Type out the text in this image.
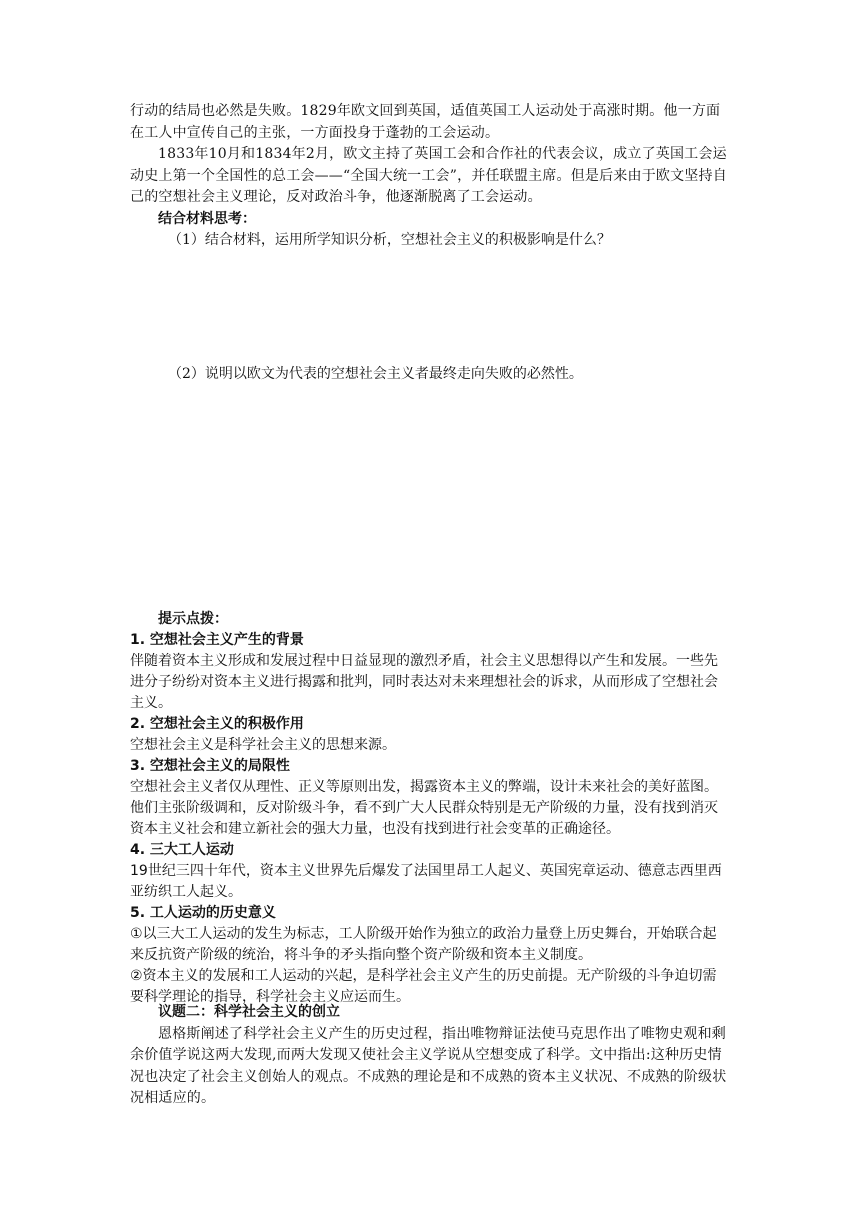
行动的结局也必然是失败。1829年欧文回到英国，适值英国工人运动处于高涨时期。他一方面在工人中宣传自己的主张，一方面投身于蓬勃的工会运动。

1833年10月和1834年2月，欧文主持了英国工会和合作社的代表会议，成立了英国工会运动史上第一个全国性的总工会——“全国大统一工会”，并任联盟主席。但是后来由于欧文坚持自己的空想社会主义理论，反对政治斗争，他逐渐脱离了工会运动。

结合材料思考：

（1）结合材料，运用所学知识分析，空想社会主义的积极影响是什么？

（2）说明以欧文为代表的空想社会主义者最终走向失败的必然性。

提示点拨：

1. 空想社会主义产生的背景

伴随着资本主义形成和发展过程中日益显现的激烈矛盾，社会主义思想得以产生和发展。一些先进分子纷纷对资本主义进行揭露和批判，同时表达对未来理想社会的诉求，从而形成了空想社会主义。

2. 空想社会主义的积极作用

空想社会主义是科学社会主义的思想来源。

3. 空想社会主义的局限性

空想社会主义者仅从理性、正义等原则出发，揭露资本主义的弊端，设计未来社会的美好蓝图。他们主张阶级调和，反对阶级斗争，看不到广大人民群众特别是无产阶级的力量，没有找到消灭资本主义社会和建立新社会的强大力量，也没有找到进行社会变革的正确途径。

4. 三大工人运动

19世纪三四十年代，资本主义世界先后爆发了法国里昂工人起义、英国宪章运动、德意志西里西亚纺织工人起义。

5. 工人运动的历史意义

①以三大工人运动的发生为标志，工人阶级开始作为独立的政治力量登上历史舞台，开始联合起来反抗资产阶级的统治，将斗争的矛头指向整个资产阶级和资本主义制度。

②资本主义的发展和工人运动的兴起，是科学社会主义产生的历史前提。无产阶级的斗争迫切需要科学理论的指导，科学社会主义应运而生。

议题二：科学社会主义的创立

恩格斯阐述了科学社会主义产生的历史过程，指出唯物辩证法使马克思作出了唯物史观和剩余价值学说这两大发现,而两大发现又使社会主义学说从空想变成了科学。文中指出:这种历史情况也决定了社会主义创始人的观点。不成熟的理论是和不成熟的资本主义状况、不成熟的阶级状况相适应的。
